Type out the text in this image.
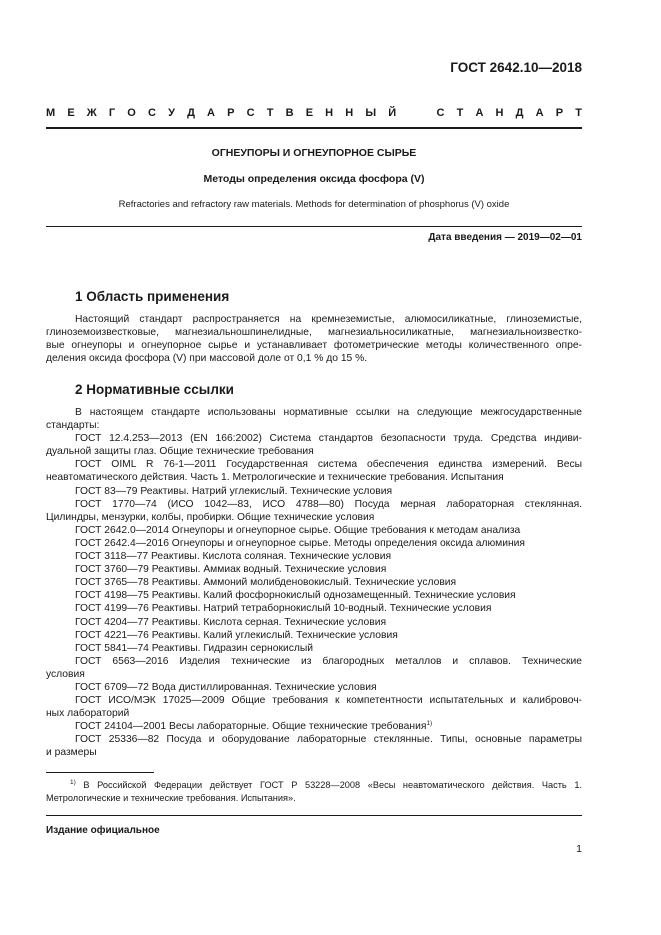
ГОСТ 2642.10—2018
М Е Ж Г О С У Д А Р С Т В Е Н Н Ы Й	С Т А Н Д А Р Т
ОГНЕУПОРЫ И ОГНЕУПОРНОЕ СЫРЬЕ
Методы определения оксида фосфора (V)
Refractories and refractory raw materials. Methods for determination of phosphorus (V) oxide
Дата введения — 2019—02—01
1 Область применения
Настоящий стандарт распространяется на кремнеземистые, алюмосиликатные, глиноземистые,
глиноземоизвестковые, магнезиальношпинелидные, магнезиальносиликатные, магнезиальноизвестко-
вые огнеупоры и огнеупорное сырье и устанавливает фотометрические методы количественного опре-
деления оксида фосфора (V) при массовой доле от 0,1 % до 15 %.
2 Нормативные ссылки
В настоящем стандарте использованы нормативные ссылки на следующие межгосударственные
стандарты:
ГОСТ 12.4.253—2013 (EN 166:2002) Система стандартов безопасности труда. Средства индиви-
дуальной защиты глаз. Общие технические требования
ГОСТ OIML R 76-1—2011 Государственная система обеспечения единства измерений. Весы
неавтоматического действия. Часть 1. Метрологические и технические требования. Испытания
ГОСТ 83—79 Реактивы. Натрий углекислый. Технические условия
ГОСТ 1770—74 (ИСО 1042—83, ИСО 4788—80) Посуда мерная лабораторная стеклянная.
Цилиндры, мензурки, колбы, пробирки. Общие технические условия
ГОСТ 2642.0—2014 Огнеупоры и огнеупорное сырье. Общие требования к методам анализа
ГОСТ 2642.4—2016 Огнеупоры и огнеупорное сырье. Методы определения оксида алюминия
ГОСТ 3118—77 Реактивы. Кислота соляная. Технические условия
ГОСТ 3760—79 Реактивы. Аммиак водный. Технические условия
ГОСТ 3765—78 Реактивы. Аммоний молибденовокислый. Технические условия
ГОСТ 4198—75 Реактивы. Калий фосфорнокислый однозамещенный. Технические условия
ГОСТ 4199—76 Реактивы. Натрий тетраборнокислый 10-водный. Технические условия
ГОСТ 4204—77 Реактивы. Кислота серная. Технические условия
ГОСТ 4221—76 Реактивы. Калий углекислый. Технические условия
ГОСТ 5841—74 Реактивы. Гидразин сернокислый
ГОСТ 6563—2016 Изделия технические из благородных металлов и сплавов. Технические
условия
ГОСТ 6709—72 Вода дистиллированная. Технические условия
ГОСТ ИСО/МЭК 17025—2009 Общие требования к компетентности испытательных и калибровоч-
ных лабораторий
ГОСТ 24104—2001 Весы лабораторные. Общие технические требования$^{1)}$
ГОСТ 25336—82 Посуда и оборудование лабораторные стеклянные. Типы, основные параметры
и размеры
$^{1)}$ В Российской Федерации действует ГОСТ Р 53228—2008 «Весы неавтоматического действия. Часть 1.
Метрологические и технические требования. Испытания».
Издание официальное
1
